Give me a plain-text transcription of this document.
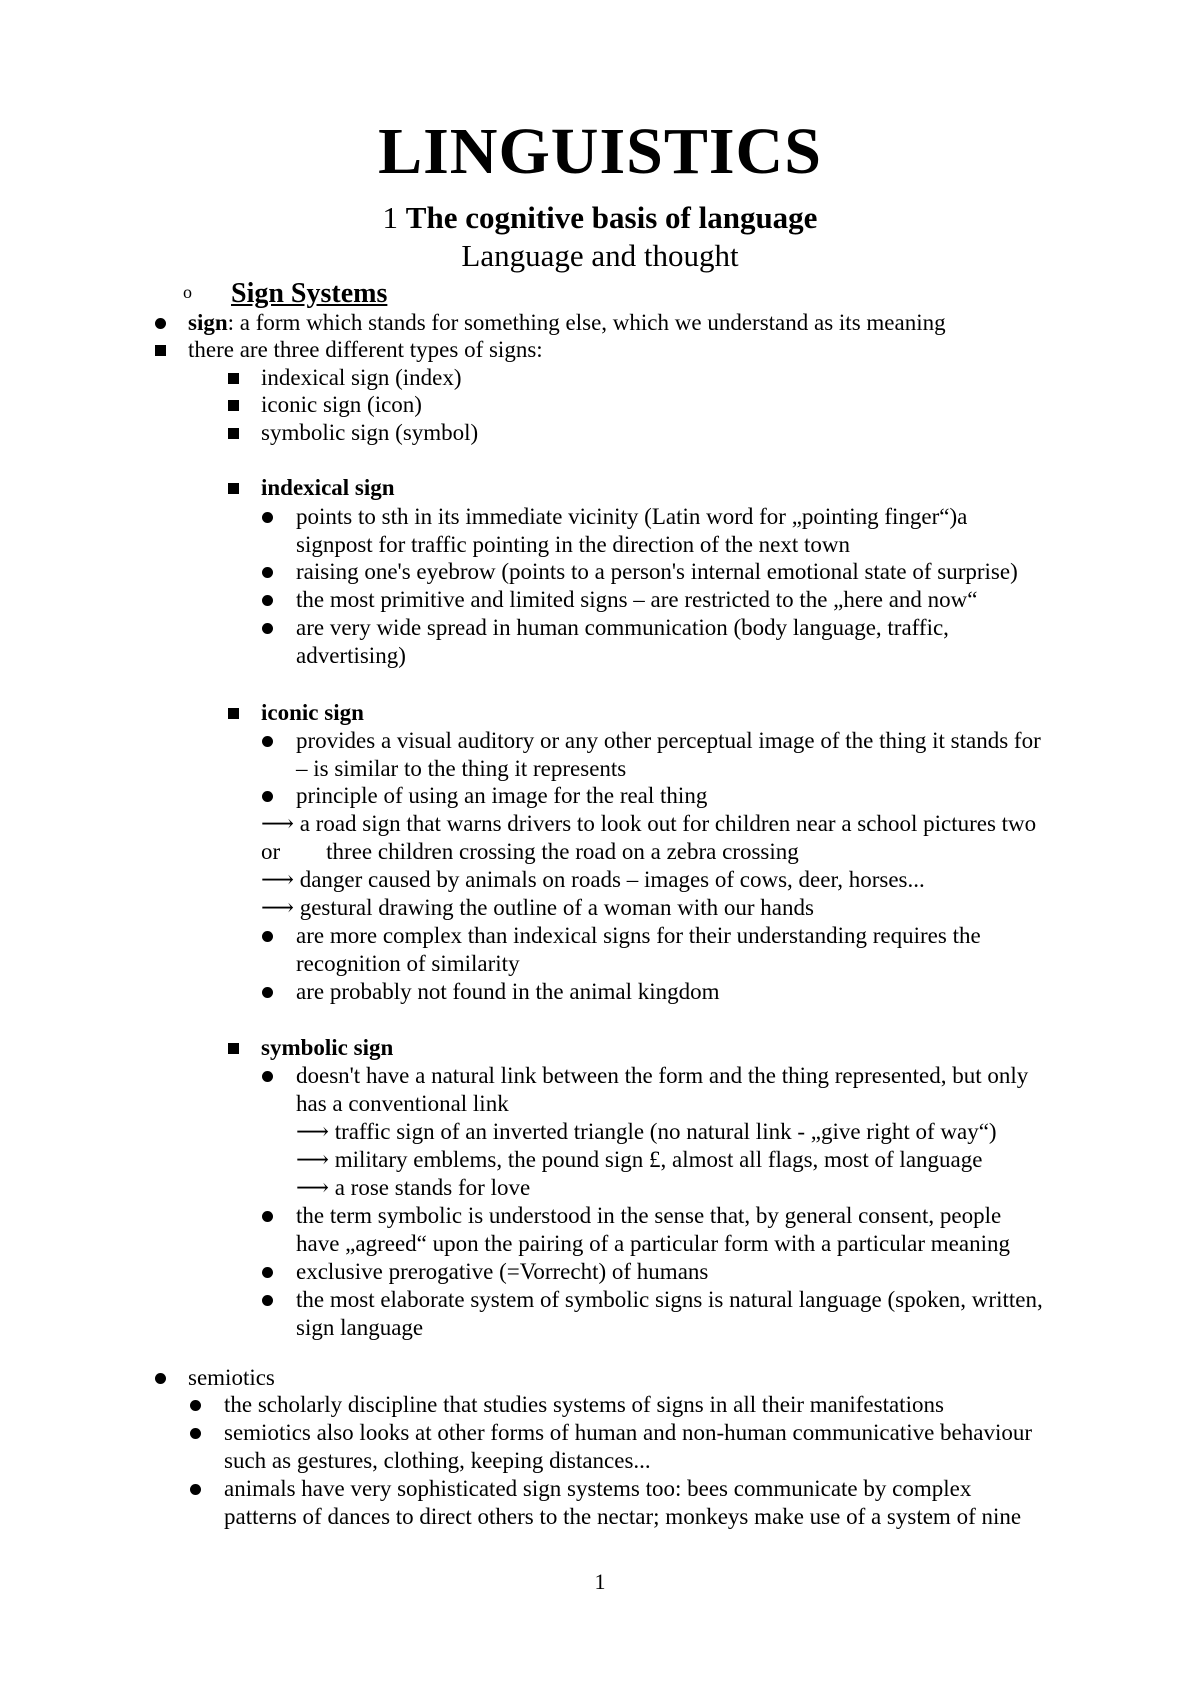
LINGUISTICS
1 The cognitive basis of language
Language and thought
o Sign Systems
sign: a form which stands for something else, which we understand as its meaning
there are three different types of signs:
indexical sign (index)
iconic sign (icon)
symbolic sign (symbol)
indexical sign
points to sth in its immediate vicinity (Latin word for „pointing finger“)a
signpost for traffic pointing in the direction of the next town
raising one's eyebrow (points to a person's internal emotional state of surprise)
the most primitive and limited signs – are restricted to the „here and now“
are very wide spread in human communication (body language, traffic,
advertising)
iconic sign
provides a visual auditory or any other perceptual image of the thing it stands for
– is similar to the thing it represents
principle of using an image for the real thing
⟶ a road sign that warns drivers to look out for children near a school pictures two
or        three children crossing the road on a zebra crossing
⟶ danger caused by animals on roads – images of cows, deer, horses...
⟶ gestural drawing the outline of a woman with our hands
are more complex than indexical signs for their understanding requires the
recognition of similarity
are probably not found in the animal kingdom
symbolic sign
doesn't have a natural link between the form and the thing represented, but only
has a conventional link
⟶ traffic sign of an inverted triangle (no natural link - „give right of way“)
⟶ military emblems, the pound sign £, almost all flags, most of language
⟶ a rose stands for love
the term symbolic is understood in the sense that, by general consent, people
have „agreed“ upon the pairing of a particular form with a particular meaning
exclusive prerogative (=Vorrecht) of humans
the most elaborate system of symbolic signs is natural language (spoken, written,
sign language
semiotics
the scholarly discipline that studies systems of signs in all their manifestations
semiotics also looks at other forms of human and non-human communicative behaviour
such as gestures, clothing, keeping distances...
animals have very sophisticated sign systems too: bees communicate by complex
patterns of dances to direct others to the nectar; monkeys make use of a system of nine
1
